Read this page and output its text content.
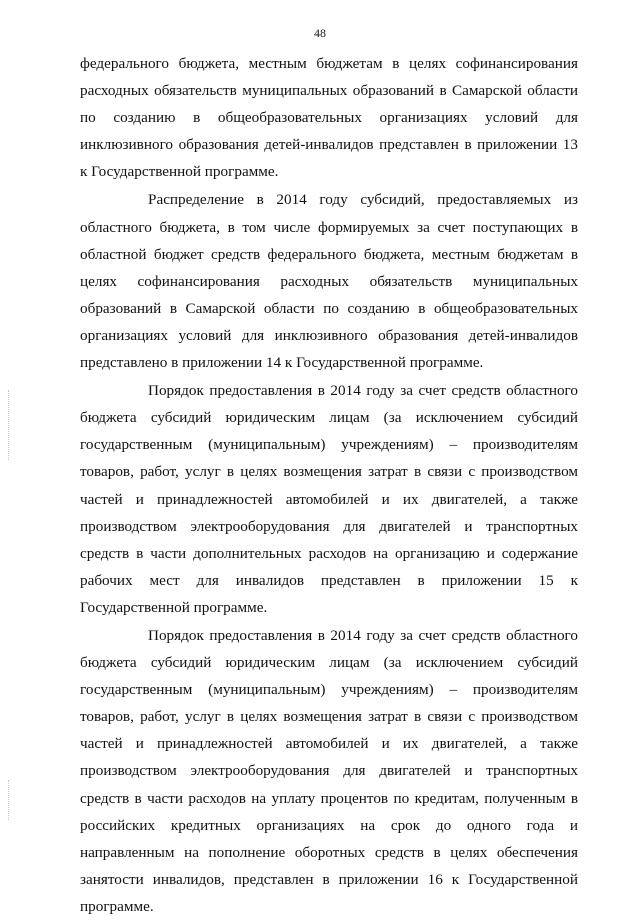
48

федерального бюджета, местным бюджетам в целях софинансирования расходных обязательств муниципальных образований в Самарской области по созданию в общеобразовательных организациях условий для инклюзивного образования детей-инвалидов представлен в приложении 13 к Государственной программе.

Распределение в 2014 году субсидий, предоставляемых из областного бюджета, в том числе формируемых за счет поступающих в областной бюджет средств федерального бюджета, местным бюджетам в целях софинансирования расходных обязательств муниципальных образований в Самарской области по созданию в общеобразовательных организациях условий для инклюзивного образования детей-инвалидов представлено в приложении 14 к Государственной программе.

Порядок предоставления в 2014 году за счет средств областного бюджета субсидий юридическим лицам (за исключением субсидий государственным (муниципальным) учреждениям) – производителям товаров, работ, услуг в целях возмещения затрат в связи с производством частей и принадлежностей автомобилей и их двигателей, а также производством электрооборудования для двигателей и транспортных средств в части дополнительных расходов на организацию и содержание рабочих мест для инвалидов представлен в приложении 15 к Государственной программе.

Порядок предоставления в 2014 году за счет средств областного бюджета субсидий юридическим лицам (за исключением субсидий государственным (муниципальным) учреждениям) – производителям товаров, работ, услуг в целях возмещения затрат в связи с производством частей и принадлежностей автомобилей и их двигателей, а также производством электрооборудования для двигателей и транспортных средств в части расходов на уплату процентов по кредитам, полученным в российских кредитных организациях на срок до одного года и направленным на пополнение оборотных средств в целях обеспечения занятости инвалидов, представлен в приложении 16 к Государственной программе.
